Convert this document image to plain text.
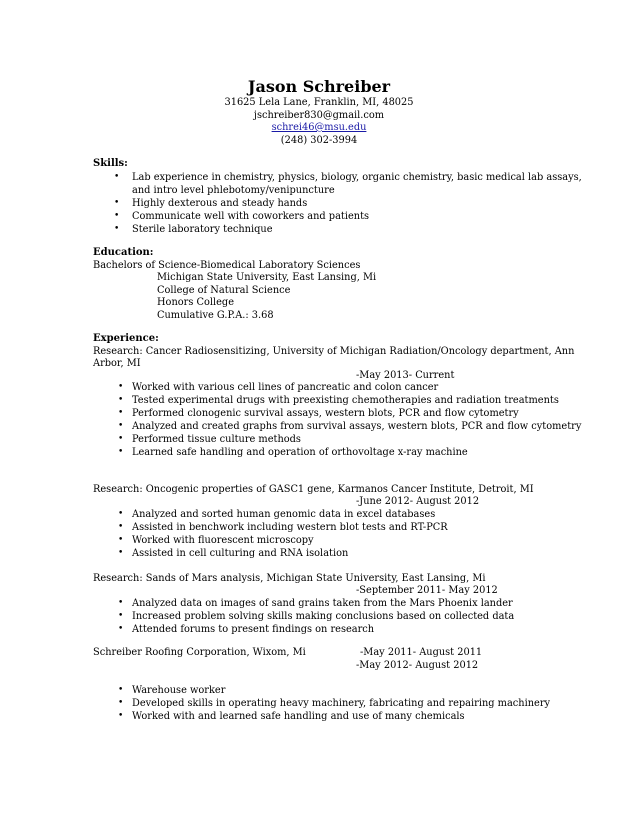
Jason Schreiber
31625 Lela Lane, Franklin, MI, 48025
jschreiber830@gmail.com
schrei46@msu.edu
(248) 302-3994
Skills:
• Lab experience in chemistry, physics, biology, organic chemistry, basic medical lab assays,
and intro level phlebotomy/venipuncture
• Highly dexterous and steady hands
• Communicate well with coworkers and patients
• Sterile laboratory technique
Education:
Bachelors of Science-Biomedical Laboratory Sciences
Michigan State University, East Lansing, Mi
College of Natural Science
Honors College
Cumulative G.P.A.: 3.68
Experience:
Research: Cancer Radiosensitizing, University of Michigan Radiation/Oncology department, Ann
Arbor, MI
-May 2013- Current
• Worked with various cell lines of pancreatic and colon cancer
• Tested experimental drugs with preexisting chemotherapies and radiation treatments
• Performed clonogenic survival assays, western blots, PCR and flow cytometry
• Analyzed and created graphs from survival assays, western blots, PCR and flow cytometry
• Performed tissue culture methods
• Learned safe handling and operation of orthovoltage x-ray machine
Research: Oncogenic properties of GASC1 gene, Karmanos Cancer Institute, Detroit, MI
-June 2012- August 2012
• Analyzed and sorted human genomic data in excel databases
• Assisted in benchwork including western blot tests and RT-PCR
• Worked with fluorescent microscopy
• Assisted in cell culturing and RNA isolation
Research: Sands of Mars analysis, Michigan State University, East Lansing, Mi
-September 2011- May 2012
• Analyzed data on images of sand grains taken from the Mars Phoenix lander
• Increased problem solving skills making conclusions based on collected data
• Attended forums to present findings on research
Schreiber Roofing Corporation, Wixom, Mi	-May 2011- August 2011
-May 2012- August 2012
• Warehouse worker
• Developed skills in operating heavy machinery, fabricating and repairing machinery
• Worked with and learned safe handling and use of many chemicals
